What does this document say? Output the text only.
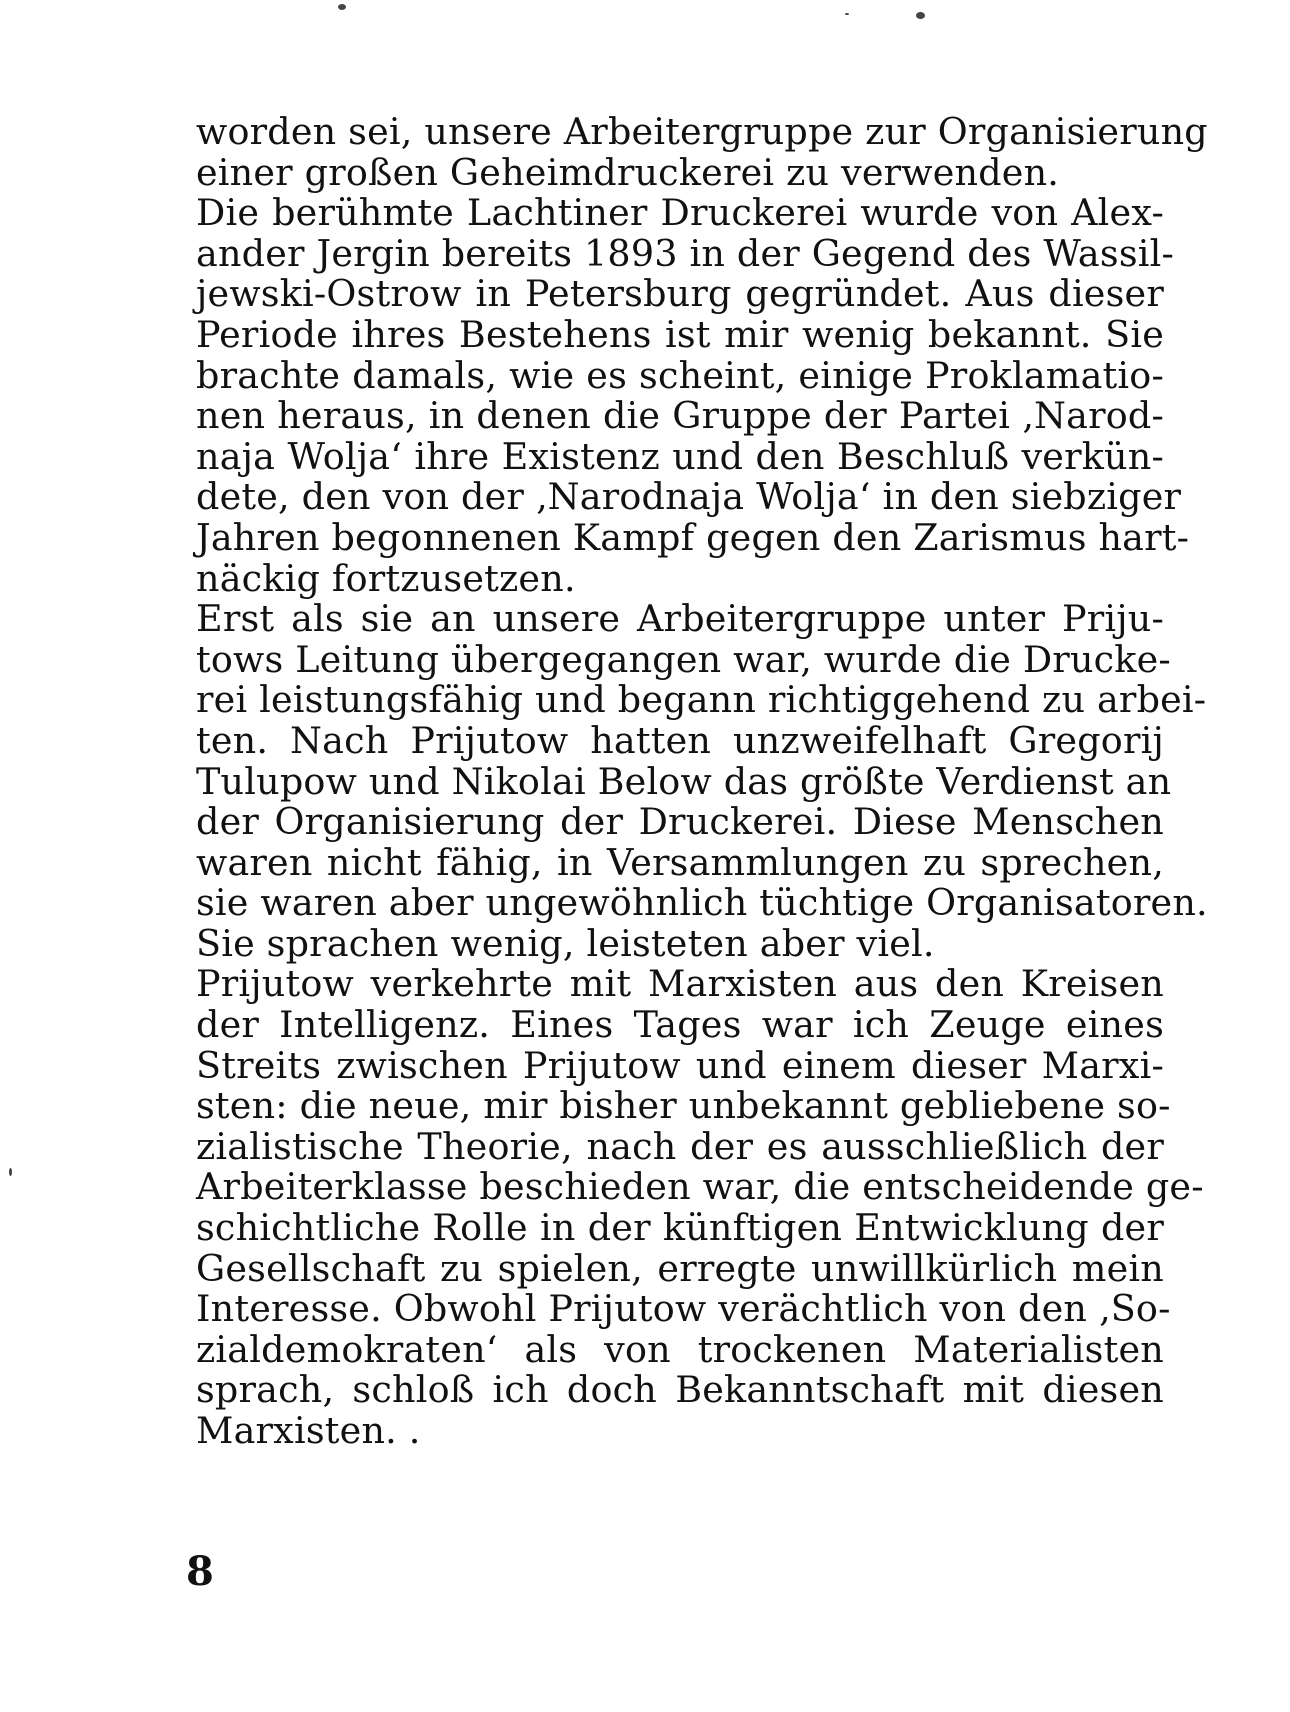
worden sei, unsere Arbeitergruppe zur Organisierung
einer großen Geheimdruckerei zu verwenden.
Die berühmte Lachtiner Druckerei wurde von Alex-
ander Jergin bereits 1893 in der Gegend des Wassil-
jewski-Ostrow in Petersburg gegründet. Aus dieser
Periode ihres Bestehens ist mir wenig bekannt. Sie
brachte damals, wie es scheint, einige Proklamatio-
nen heraus, in denen die Gruppe der Partei ‚Narod-
naja Wolja‘ ihre Existenz und den Beschluß verkün-
dete, den von der ‚Narodnaja Wolja‘ in den siebziger
Jahren begonnenen Kampf gegen den Zarismus hart-
näckig fortzusetzen.
Erst als sie an unsere Arbeitergruppe unter Priju-
tows Leitung übergegangen war, wurde die Drucke-
rei leistungsfähig und begann richtiggehend zu arbei-
ten. Nach Prijutow hatten unzweifelhaft Gregorij
Tulupow und Nikolai Below das größte Verdienst an
der Organisierung der Druckerei. Diese Menschen
waren nicht fähig, in Versammlungen zu sprechen,
sie waren aber ungewöhnlich tüchtige Organisatoren.
Sie sprachen wenig, leisteten aber viel.
Prijutow verkehrte mit Marxisten aus den Kreisen
der Intelligenz. Eines Tages war ich Zeuge eines
Streits zwischen Prijutow und einem dieser Marxi-
sten: die neue, mir bisher unbekannt gebliebene so-
zialistische Theorie, nach der es ausschließlich der
Arbeiterklasse beschieden war, die entscheidende ge-
schichtliche Rolle in der künftigen Entwicklung der
Gesellschaft zu spielen, erregte unwillkürlich mein
Interesse. Obwohl Prijutow verächtlich von den ‚So-
zialdemokraten‘ als von trockenen Materialisten
sprach, schloß ich doch Bekanntschaft mit diesen
Marxisten. .
8
